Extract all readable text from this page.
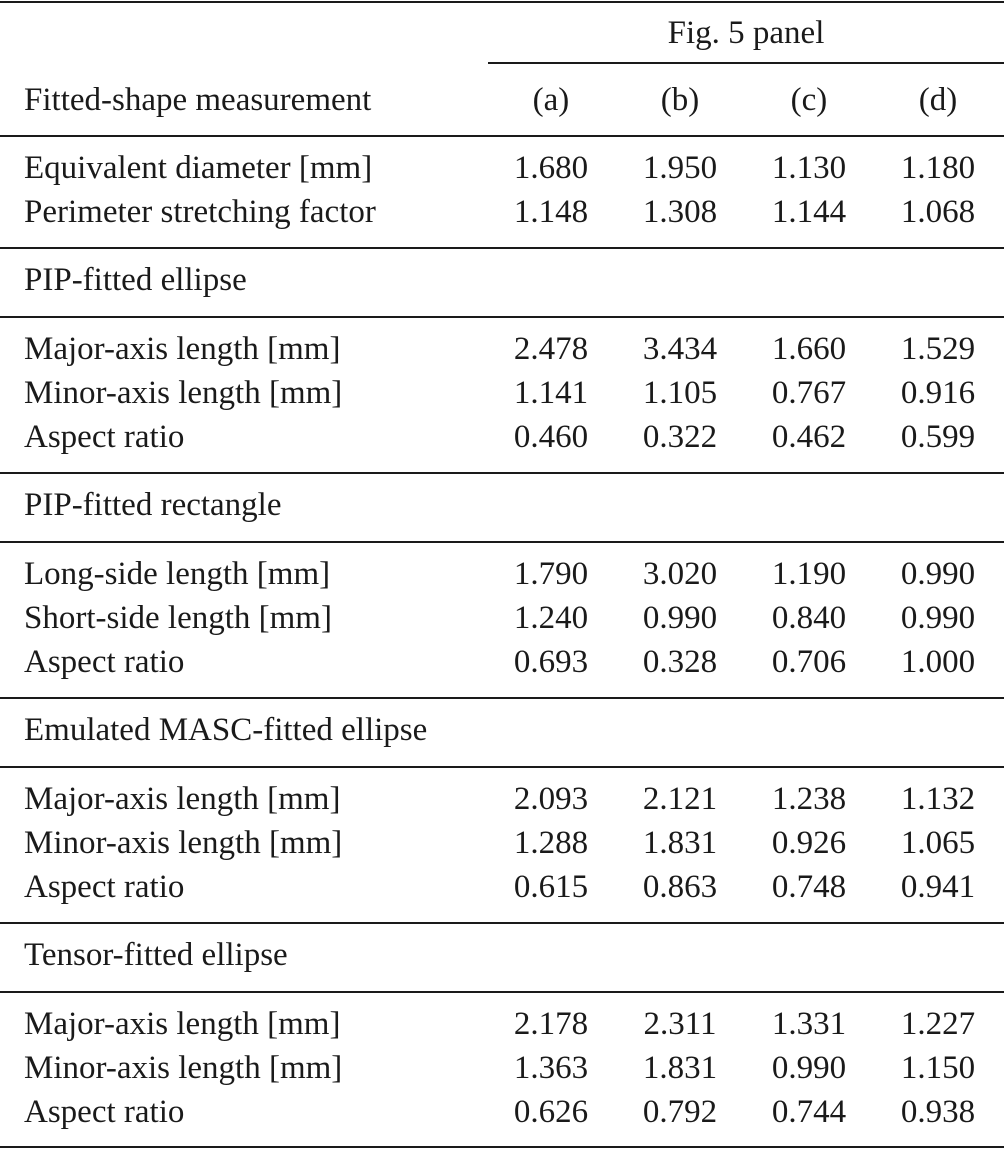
Fig. 5 panel
Fitted-shape measurement	(a)	(b)	(c)	(d)
Equivalent diameter [mm]	1.680	1.950	1.130	1.180
Perimeter stretching factor	1.148	1.308	1.144	1.068
PIP-fitted ellipse
Major-axis length [mm]	2.478	3.434	1.660	1.529
Minor-axis length [mm]	1.141	1.105	0.767	0.916
Aspect ratio	0.460	0.322	0.462	0.599
PIP-fitted rectangle
Long-side length [mm]	1.790	3.020	1.190	0.990
Short-side length [mm]	1.240	0.990	0.840	0.990
Aspect ratio	0.693	0.328	0.706	1.000
Emulated MASC-fitted ellipse
Major-axis length [mm]	2.093	2.121	1.238	1.132
Minor-axis length [mm]	1.288	1.831	0.926	1.065
Aspect ratio	0.615	0.863	0.748	0.941
Tensor-fitted ellipse
Major-axis length [mm]	2.178	2.311	1.331	1.227
Minor-axis length [mm]	1.363	1.831	0.990	1.150
Aspect ratio	0.626	0.792	0.744	0.938
